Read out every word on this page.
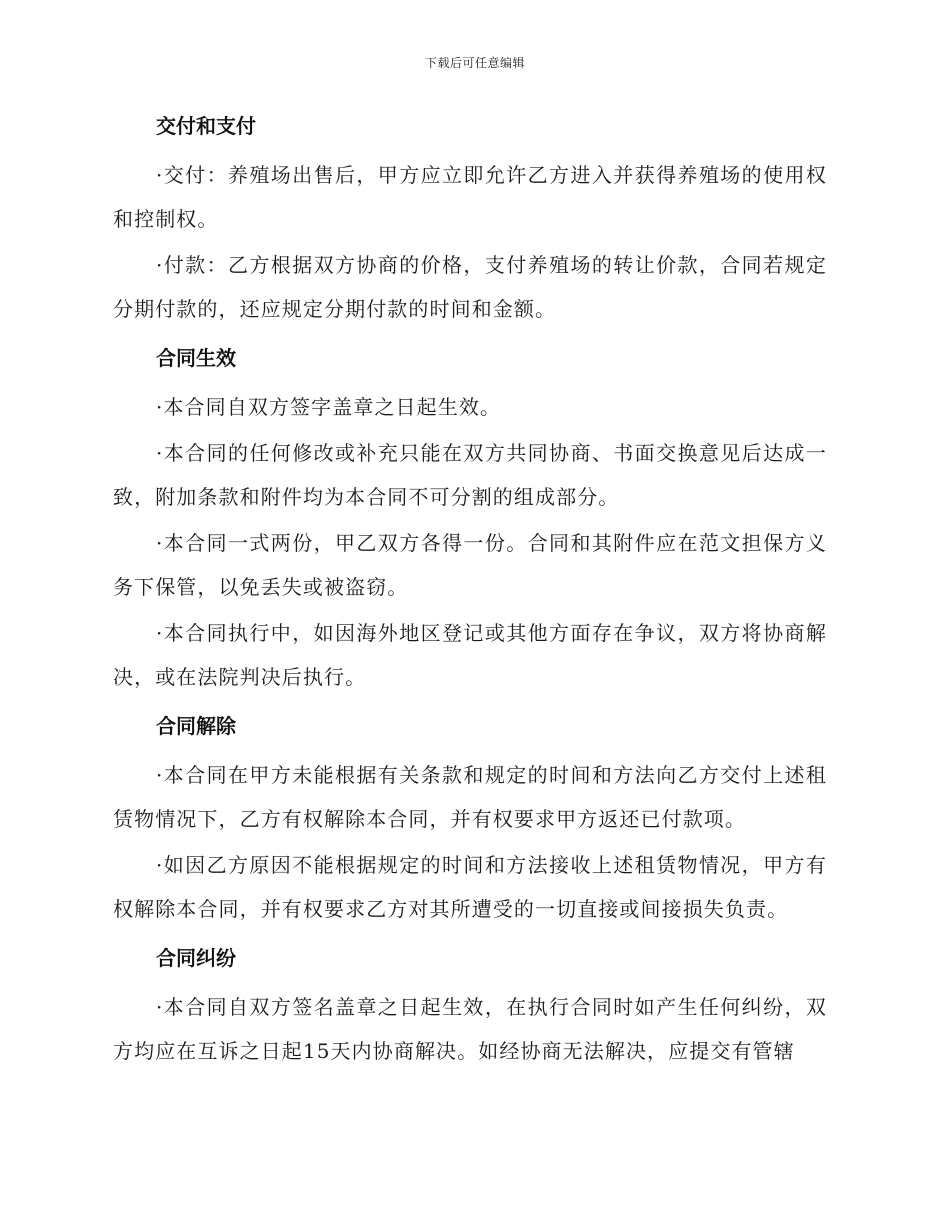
下载后可任意编辑
交付和支付

·交付：养殖场出售后，甲方应立即允许乙方进入并获得养殖场的使用权和控制权。

·付款：乙方根据双方协商的价格，支付养殖场的转让价款，合同若规定分期付款的，还应规定分期付款的时间和金额。

合同生效

·本合同自双方签字盖章之日起生效。

·本合同的任何修改或补充只能在双方共同协商、书面交换意见后达成一致，附加条款和附件均为本合同不可分割的组成部分。

·本合同一式两份，甲乙双方各得一份。合同和其附件应在范文担保方义务下保管，以免丢失或被盗窃。

·本合同执行中，如因海外地区登记或其他方面存在争议，双方将协商解决，或在法院判决后执行。

合同解除

·本合同在甲方未能根据有关条款和规定的时间和方法向乙方交付上述租赁物情况下，乙方有权解除本合同，并有权要求甲方返还已付款项。

·如因乙方原因不能根据规定的时间和方法接收上述租赁物情况，甲方有权解除本合同，并有权要求乙方对其所遭受的一切直接或间接损失负责。

合同纠纷

·本合同自双方签名盖章之日起生效，在执行合同时如产生任何纠纷，双方均应在互诉之日起15天内协商解决。如经协商无法解决，应提交有管辖
